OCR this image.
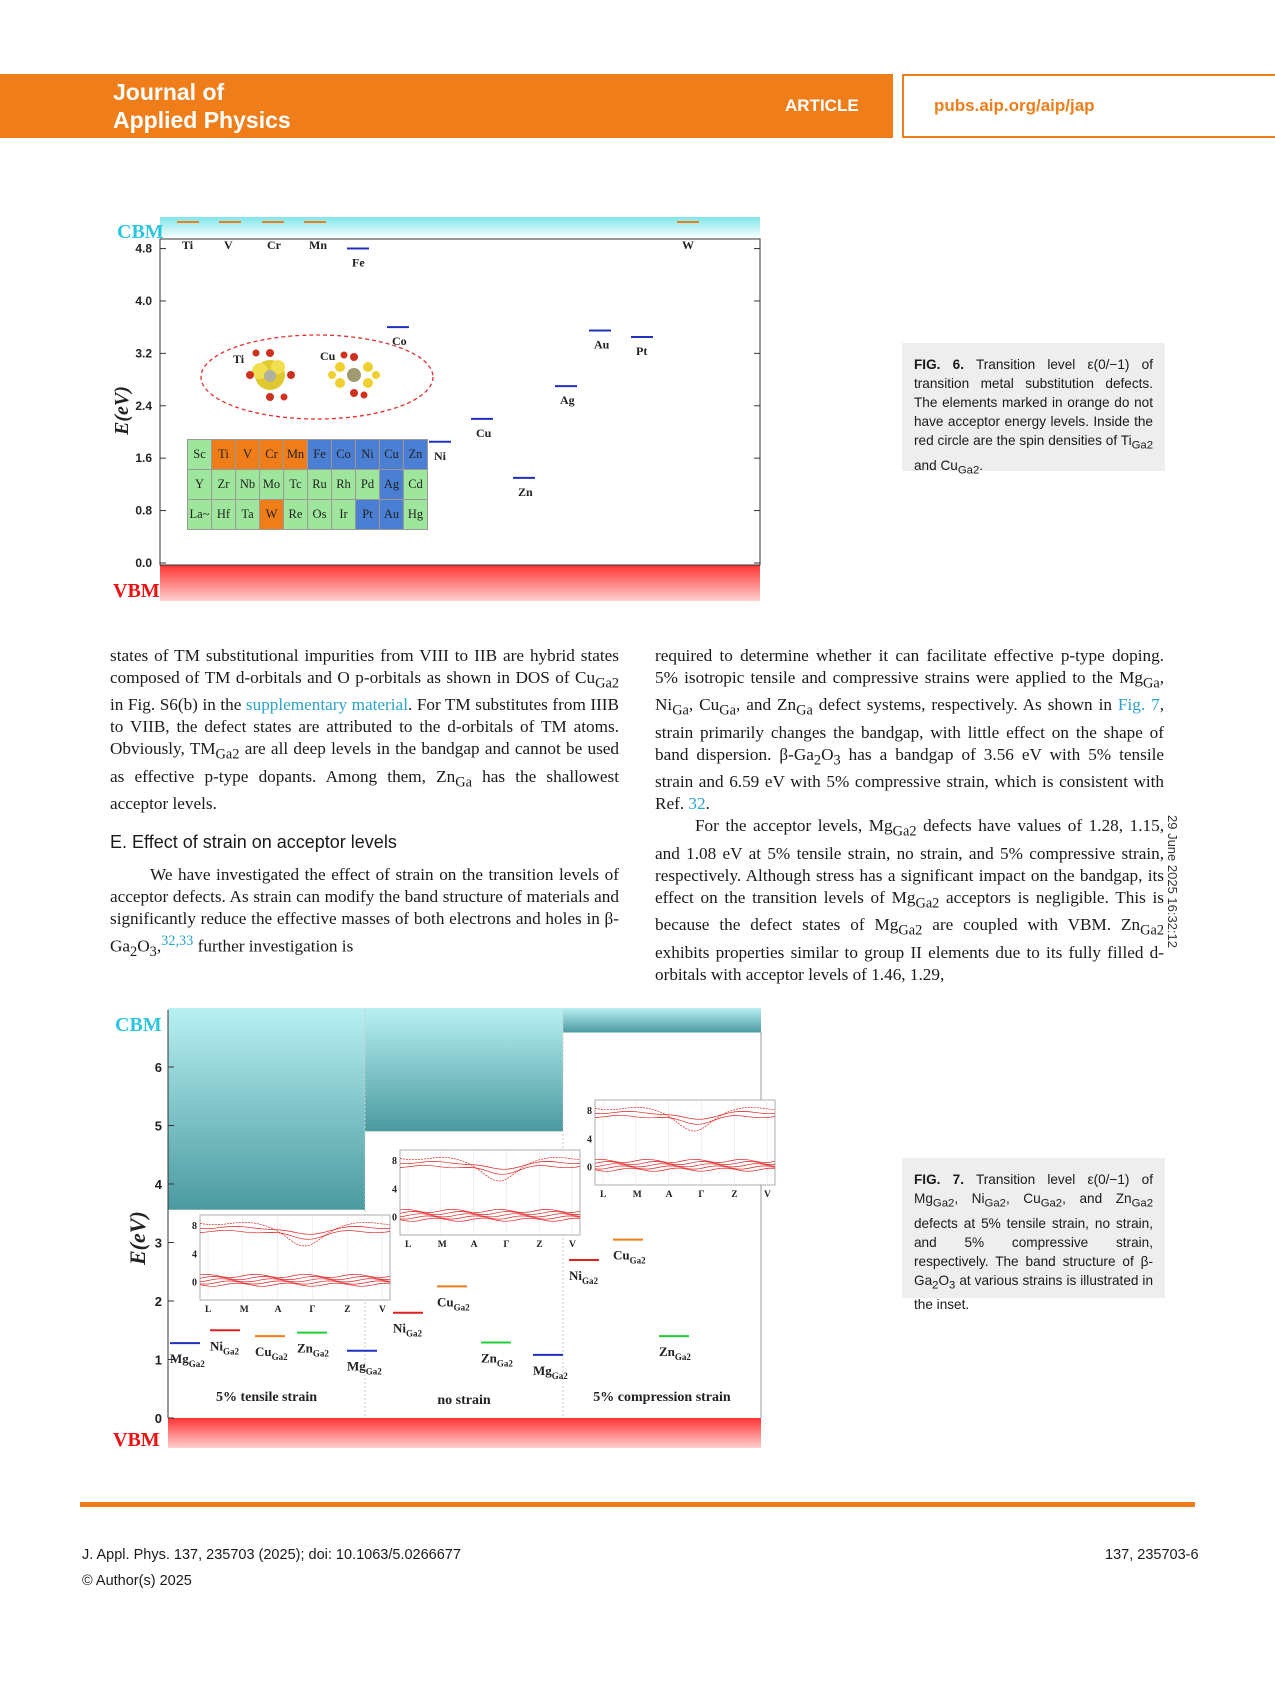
Journal of
Applied Physics
ARTICLE	pubs.aip.org/aip/jap
CBM
VBM
E(eV)
4.8
4.0
3.2
2.4
1.6
0.8
0.0
Ti	V	Cr Mn	W
Fe
Co
Ni
Cu
Zn
Ag
Au Pt
Ti	Cu
Sc	Ti	V	Cr	Mn	Fe	Co	Ni	Cu	Zn
Y	Zr	Nb	Mo	Tc	Ru	Rh	Pd	Ag	Cd
La~	Hf	Ta	W	Re	Os	Ir	Pt	Au	Hg
FIG. 6. Transition level ε(0/−1) of transition metal substitution defects. The elements marked in orange do not have acceptor energy levels. Inside the red circle are the spin densities of $Ti_{Ga2}$ and $Cu_{Ga2}$.

states of TM substitutional impurities from VIII to IIB are hybrid states composed of TM d-orbitals and O p-orbitals as shown in DOS of $Cu_{Ga2}$ in Fig. S6(b) in the supplementary material. For TM substitutes from IIIB to VIIB, the defect states are attributed to the d-orbitals of TM atoms. Obviously, $TM_{Ga2}$ are all deep levels in the bandgap and cannot be used as effective p-type dopants. Among them, $Zn_{Ga}$ has the shallowest acceptor levels.

E. Effect of strain on acceptor levels

We have investigated the effect of strain on the transition levels of acceptor defects. As strain can modify the band structure of materials and significantly reduce the effective masses of both electrons and holes in $\beta-Ga_2O_3,^{32,33}$ further investigation is

required to determine whether it can facilitate effective p-type doping. 5% isotropic tensile and compressive strains were applied to the $Mg_{Ga}$, $Ni_{Ga}$, $Cu_{Ga}$, and $Zn_{Ga}$ defect systems, respectively. As shown in Fig. 7, strain primarily changes the bandgap, with little effect on the shape of band dispersion. $\beta-Ga_2O_3$ has a bandgap of 3.56 eV with 5% tensile strain and 6.59 eV with 5% compressive strain, which is consistent with Ref. 32.

For the acceptor levels, $Mg_{Ga2}$ defects have values of 1.28, 1.15, and 1.08 eV at 5% tensile strain, no strain, and 5% compressive strain, respectively. Although stress has a significant impact on the bandgap, its effect on the transition levels of $Mg_{Ga2}$ acceptors is negligible. This is because the defect states of $Mg_{Ga2}$ are coupled with VBM. $Zn_{Ga2}$ exhibits properties similar to group II elements due to its fully filled d-orbitals with acceptor levels of 1.46, 1.29,

29 June 2025 16:32:12
CBM
VBM
E(eV)
6
5
4
3
2
1
0
8
4
0
L	M	A	Γ	Z	V
8
4
0
L	M	A	Γ	Z	V
8
4
0
L	M	A	Γ	Z	V
$Mg_{Ga2}$
$Ni_{Ga2}$ $Cu_{Ga2}$
$Zn_{Ga2}$
$Mg_{Ga2}$
$Ni_{Ga2}$
$Cu_{Ga2}$
$Zn_{Ga2}$ $Mg_{Ga2}$
$Ni_{Ga2}$
$Cu_{Ga2}$
$Zn_{Ga2}$
5% tensile strain	no strain	5% compression strain
FIG. 7. Transition level ε(0/−1) of $Mg_{Ga2}$, $Ni_{Ga2}$, $Cu_{Ga2}$, and $Zn_{Ga2}$ defects at 5% tensile strain, no strain, and 5% compressive strain, respectively. The band structure of $\beta-Ga_2O_3$ at various strains is illustrated in the inset.
J. Appl. Phys. 137, 235703 (2025); doi: 10.1063/5.0266677
© Author(s) 2025
137, 235703-6
